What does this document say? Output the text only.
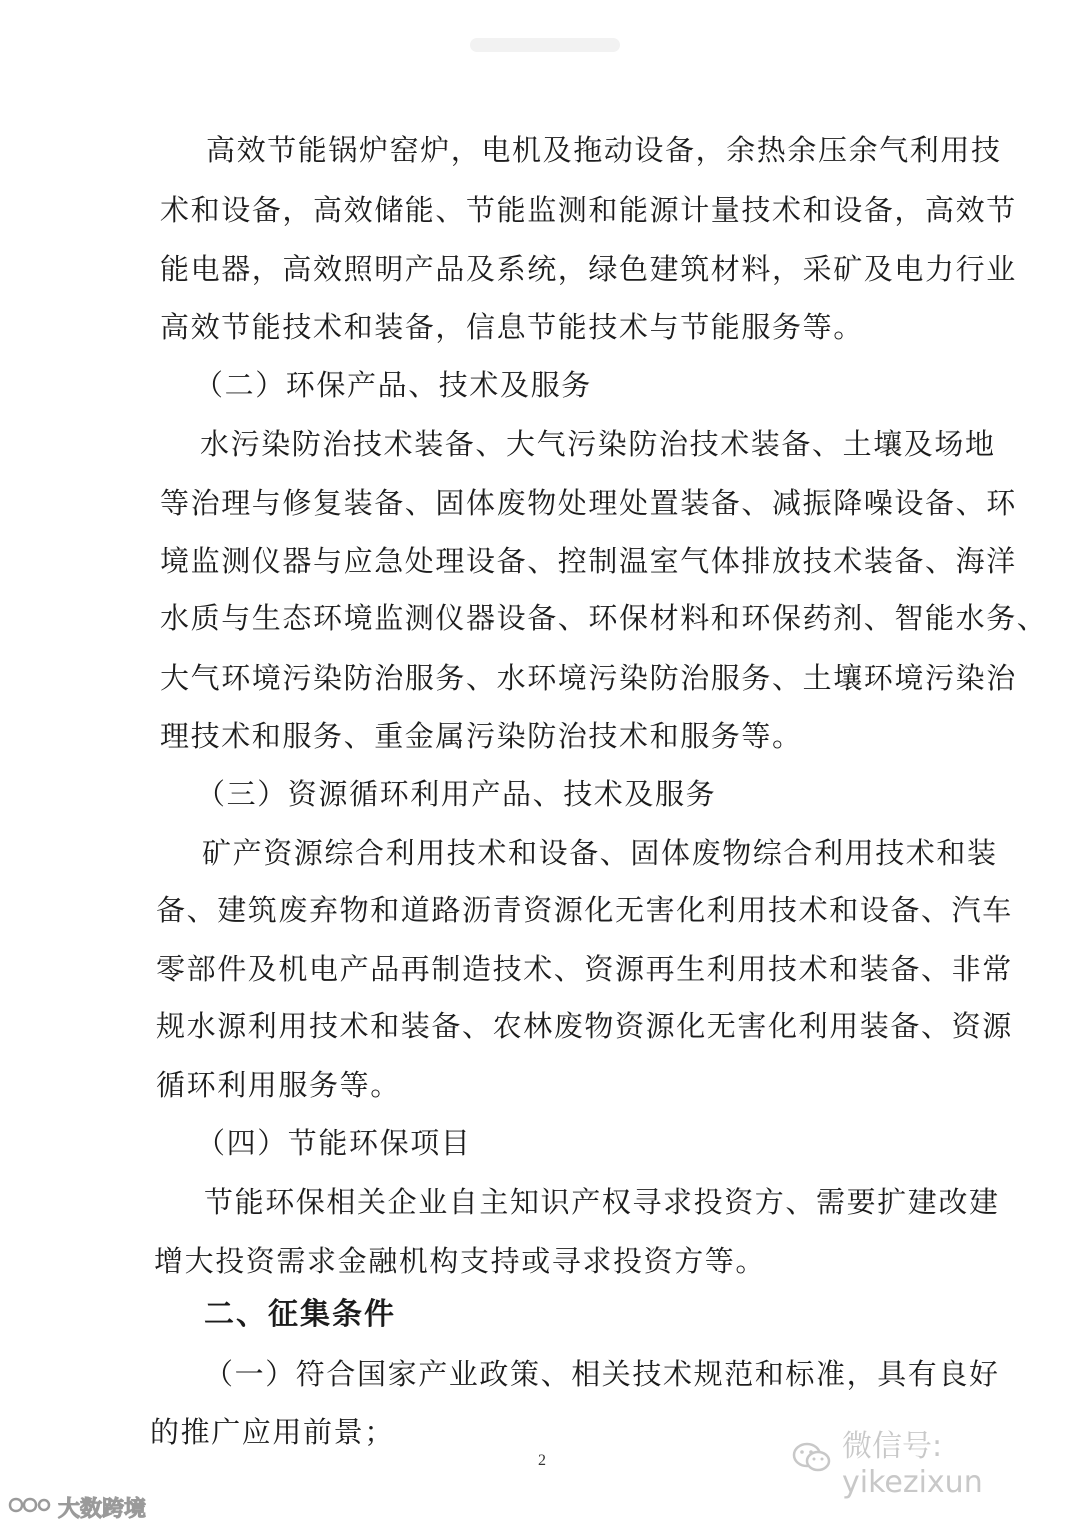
高效节能锅炉窑炉，电机及拖动设备，余热余压余气利用技
术和设备，高效储能、节能监测和能源计量技术和设备，高效节
能电器，高效照明产品及系统，绿色建筑材料，采矿及电力行业
高效节能技术和装备，信息节能技术与节能服务等。
（二）环保产品、技术及服务
水污染防治技术装备、大气污染防治技术装备、土壤及场地
等治理与修复装备、固体废物处理处置装备、减振降噪设备、环
境监测仪器与应急处理设备、控制温室气体排放技术装备、海洋
水质与生态环境监测仪器设备、环保材料和环保药剂、智能水务、
大气环境污染防治服务、水环境污染防治服务、土壤环境污染治
理技术和服务、重金属污染防治技术和服务等。
（三）资源循环利用产品、技术及服务
矿产资源综合利用技术和设备、固体废物综合利用技术和装
备、建筑废弃物和道路沥青资源化无害化利用技术和设备、汽车
零部件及机电产品再制造技术、资源再生利用技术和装备、非常
规水源利用技术和装备、农林废物资源化无害化利用装备、资源
循环利用服务等。
（四）节能环保项目
节能环保相关企业自主知识产权寻求投资方、需要扩建改建
增大投资需求金融机构支持或寻求投资方等。
二、征集条件
（一）符合国家产业政策、相关技术规范和标准，具有良好
的推广应用前景；
2	微信号: yikezixun
大数跨境
